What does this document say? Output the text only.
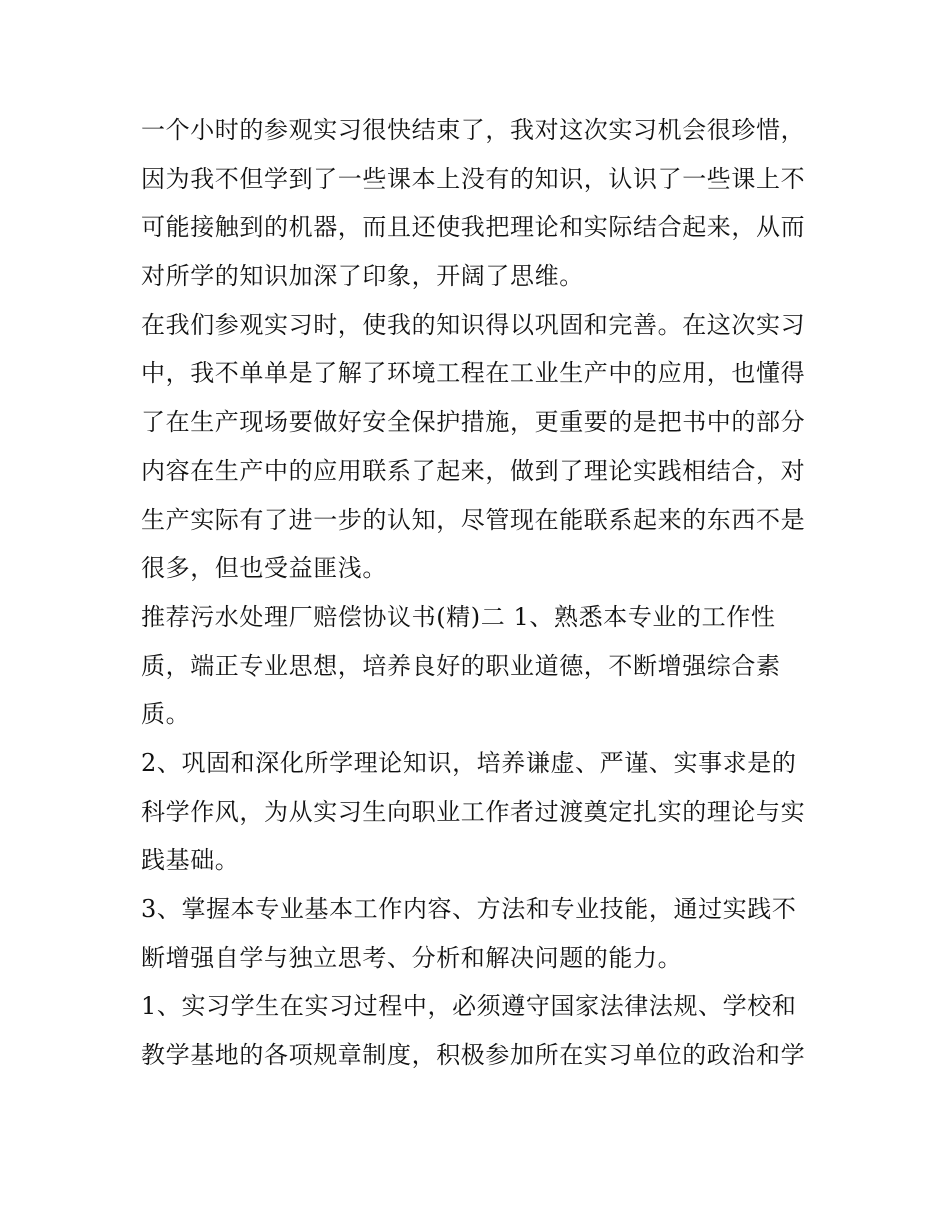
一个小时的参观实习很快结束了，我对这次实习机会很珍惜，
因为我不但学到了一些课本上没有的知识，认识了一些课上不
可能接触到的机器，而且还使我把理论和实际结合起来，从而
对所学的知识加深了印象，开阔了思维。
在我们参观实习时，使我的知识得以巩固和完善。在这次实习
中，我不单单是了解了环境工程在工业生产中的应用，也懂得
了在生产现场要做好安全保护措施，更重要的是把书中的部分
内容在生产中的应用联系了起来，做到了理论实践相结合，对
生产实际有了进一步的认知，尽管现在能联系起来的东西不是
很多，但也受益匪浅。
推荐污水处理厂赔偿协议书(精)二 1、熟悉本专业的工作性
质，端正专业思想，培养良好的职业道德，不断增强综合素
质。
2、巩固和深化所学理论知识，培养谦虚、严谨、实事求是的
科学作风，为从实习生向职业工作者过渡奠定扎实的理论与实
践基础。
3、掌握本专业基本工作内容、方法和专业技能，通过实践不
断增强自学与独立思考、分析和解决问题的能力。
1、实习学生在实习过程中，必须遵守国家法律法规、学校和
教学基地的各项规章制度，积极参加所在实习单位的政治和学
